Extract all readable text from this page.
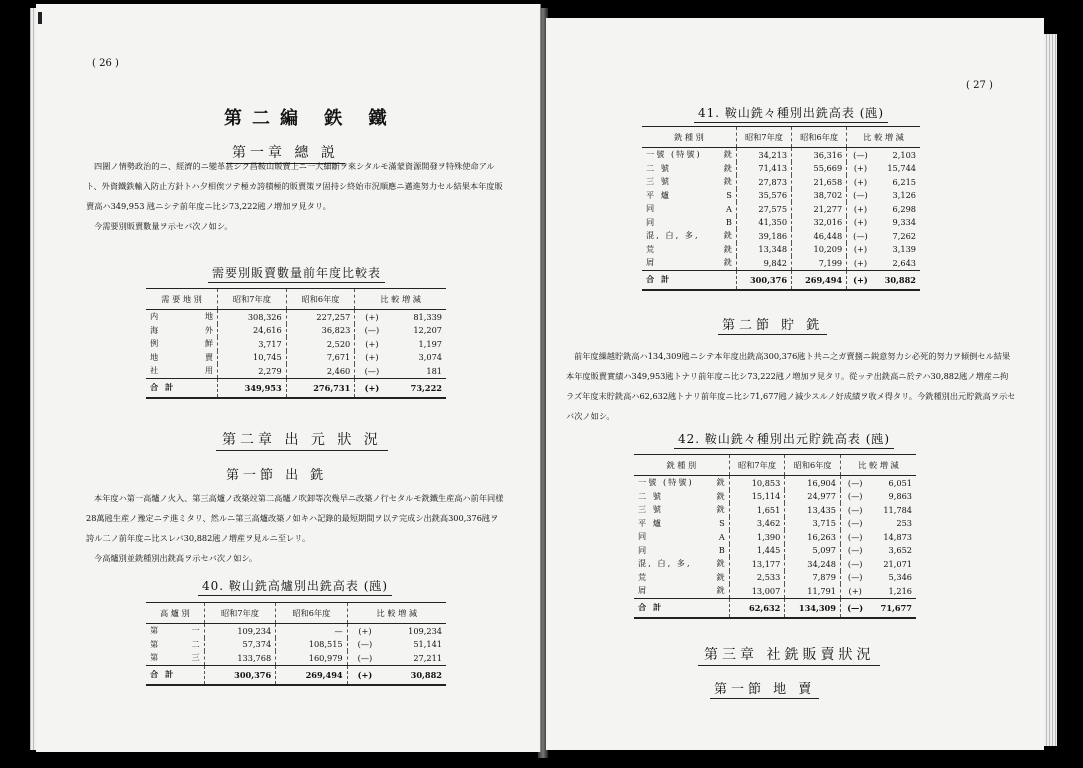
( 26 )
第二編 鉄 鐵
第一章 總 説
四圍ノ情勢政治的ニ、經濟的ニ變革甚シク昌鞍山販賣上ニ一大細斷ヲ來シタルモ滿蒙資源開發ヲ特殊使命アルト、外資鐵鉄輸入防止方針トハ夕相俟ツテ極カ誇積極的販賣策ヲ固持シ終始市況順應ニ邁進努力セル結果本年度販賣高ハ349,953 瓲ニシテ前年度ニ比シ73,222瓲ノ増加ヲ見タリ。
今需要別販賣數量ヲ示セバ次ノ如シ。
需要別販賣數量前年度比較表
需 要 地 別		昭和7年度	昭和6年度	比 較 増 減	
内	地	308,326	227,257	(+)	81,339
海	外	24,616	36,823	(—)	12,207
例	鮮	3,717	2,520	(+)	1,197
地	賣	10,745	7,671	(+)	3,074
社	用	2,279	2,460	(—)	181
合 計		349,953	276,731	(+)	73,222
第二章 出 元 狀 況
第一節 出 銑
本年度ハ第一高爐ノ火入、第三高爐ノ改築竝第二高爐ノ吹卸等次幾早ニ改築ノ行セタルモ銑鐵生産高ハ前年同様28萬瓲生産ノ豫定ニテ進ミタリ、然ルニ第三高爐改築ノ如キハ記錄的最短期間ヲ以テ完成シ出銑高300,376瓲ヲ誇ル二ノ前年度ニ比スレバ30,882瓲ノ増産ヲ見ルニ至レリ。
今高爐別並銑種別出銑高ヲ示セバ次ノ如シ。
40. 鞍山銑高爐別出銑高表 (瓲)
高 爐 別		昭和7年度	昭和6年度	比 較 増 減	
第	一	109,234	—	(+)	109,234
第	二	57,374	108,515	(—)	51,141
第	三	133,768	160,979	(—)	27,211
合 計		300,376	269,494	(+)	30,882
( 27 )
41. 鞍山銑々種別出銑高表 (瓲)
銑 種 別		昭和7年度	昭和6年度	比 較 増 減	
一號 (特號)	銑	34,213	36,316	(—)	2,103
二 號	銑	71,413	55,669	(+)	15,744
三 號	銑	27,873	21,658	(+)	6,215
平 爐	S	35,576	38,702	(—)	3,126
同	A	27,575	21,277	(+)	6,298
同	B	41,350	32,016	(+)	9,334
混, 白, 多,	銑	39,186	46,448	(—)	7,262
荒	銑	13,348	10,209	(+)	3,139
屑	銑	9,842	7,199	(+)	2,643
合 計		300,376	269,494	(+)	30,882
第二節 貯 銑
前年度繰越貯銑高ハ134,309瓲ニシテ本年度出銑高300,376瓲ト共ニ之ガ賣捌ニ鋭意努力シ必死的努力ヲ傾倒セル結果本年度販賣實績ハ349,953瓲トナリ前年度ニ比シ73,222瓲ノ増加ヲ見タリ。從ッテ出銑高ニ於テハ30,882瓲ノ増産ニ拘ラズ年度末貯銑高ハ62,632瓲トナリ前年度ニ比シ71,677瓲ノ減少スルノ好成績ヲ收メ得タリ。今銑種別出元貯銑高ヲ示セバ次ノ如シ。
42. 鞍山銑々種別出元貯銑高表 (瓲)
銑 種 別		昭和7年度	昭和6年度	比 較 増 減	
一號 (特號)	銑	10,853	16,904	(—)	6,051
二 號	銑	15,114	24,977	(—)	9,863
三 號	銑	1,651	13,435	(—)	11,784
平 爐	S	3,462	3,715	(—)	253
同	A	1,390	16,263	(—)	14,873
同	B	1,445	5,097	(—)	3,652
混, 白, 多,	銑	13,177	34,248	(—)	21,071
荒	銑	2,533	7,879	(—)	5,346
屑	銑	13,007	11,791	(+)	1,216
合 計		62,632	134,309	(—)	71,677
第三章 社銑販賣狀況
第一節 地 賣
